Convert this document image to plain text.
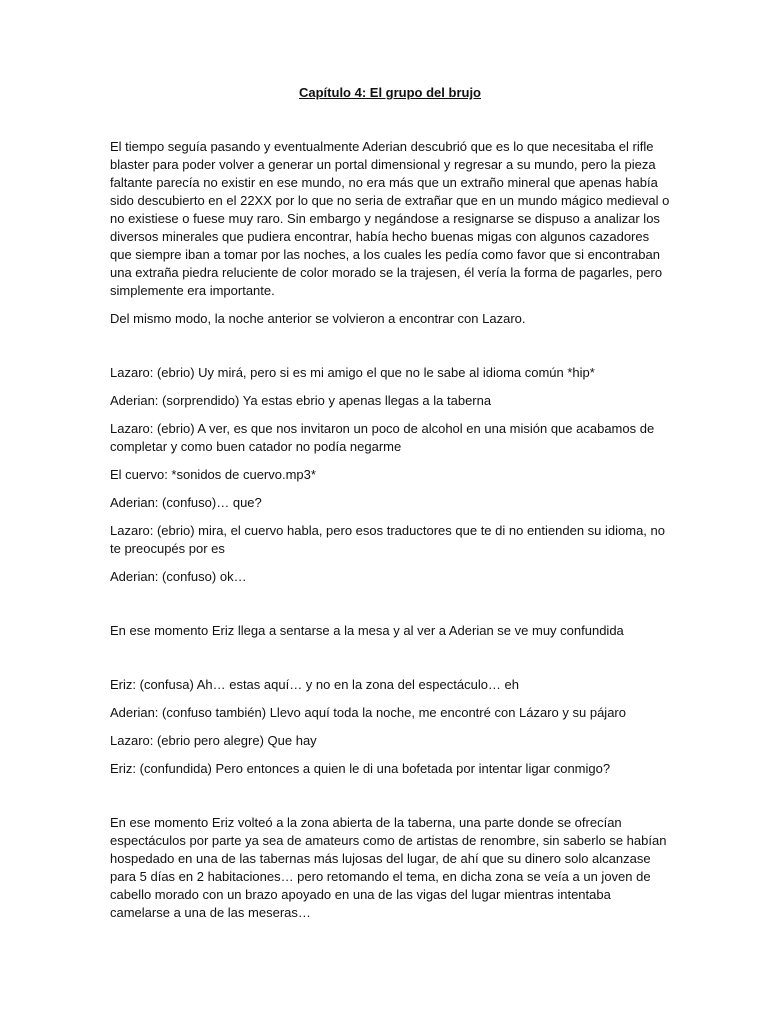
Capítulo 4: El grupo del brujo

El tiempo seguía pasando y eventualmente Aderian descubrió que es lo que necesitaba el rifle blaster para poder volver a generar un portal dimensional y regresar a su mundo, pero la pieza faltante parecía no existir en ese mundo, no era más que un extraño mineral que apenas había sido descubierto en el 22XX por lo que no seria de extrañar que en un mundo mágico medieval o no existiese o fuese muy raro. Sin embargo y negándose a resignarse se dispuso a analizar los diversos minerales que pudiera encontrar, había hecho buenas migas con algunos cazadores que siempre iban a tomar por las noches, a los cuales les pedía como favor que si encontraban una extraña piedra reluciente de color morado se la trajesen, él vería la forma de pagarles, pero simplemente era importante.

Del mismo modo, la noche anterior se volvieron a encontrar con Lazaro.

Lazaro: (ebrio) Uy mirá, pero si es mi amigo el que no le sabe al idioma común *hip*

Aderian: (sorprendido) Ya estas ebrio y apenas llegas a la taberna

Lazaro: (ebrio) A ver, es que nos invitaron un poco de alcohol en una misión que acabamos de completar y como buen catador no podía negarme

El cuervo: *sonidos de cuervo.mp3*

Aderian: (confuso)… que?

Lazaro: (ebrio) mira, el cuervo habla, pero esos traductores que te di no entienden su idioma, no te preocupés por es

Aderian: (confuso) ok…

En ese momento Eriz llega a sentarse a la mesa y al ver a Aderian se ve muy confundida

Eriz: (confusa) Ah… estas aquí… y no en la zona del espectáculo… eh

Aderian: (confuso también) Llevo aquí toda la noche, me encontré con Lázaro y su pájaro

Lazaro: (ebrio pero alegre) Que hay

Eriz: (confundida) Pero entonces a quien le di una bofetada por intentar ligar conmigo?

En ese momento Eriz volteó a la zona abierta de la taberna, una parte donde se ofrecían espectáculos por parte ya sea de amateurs como de artistas de renombre, sin saberlo se habían hospedado en una de las tabernas más lujosas del lugar, de ahí que su dinero solo alcanzase para 5 días en 2 habitaciones… pero retomando el tema, en dicha zona se veía a un joven de cabello morado con un brazo apoyado en una de las vigas del lugar mientras intentaba camelarse a una de las meseras…
